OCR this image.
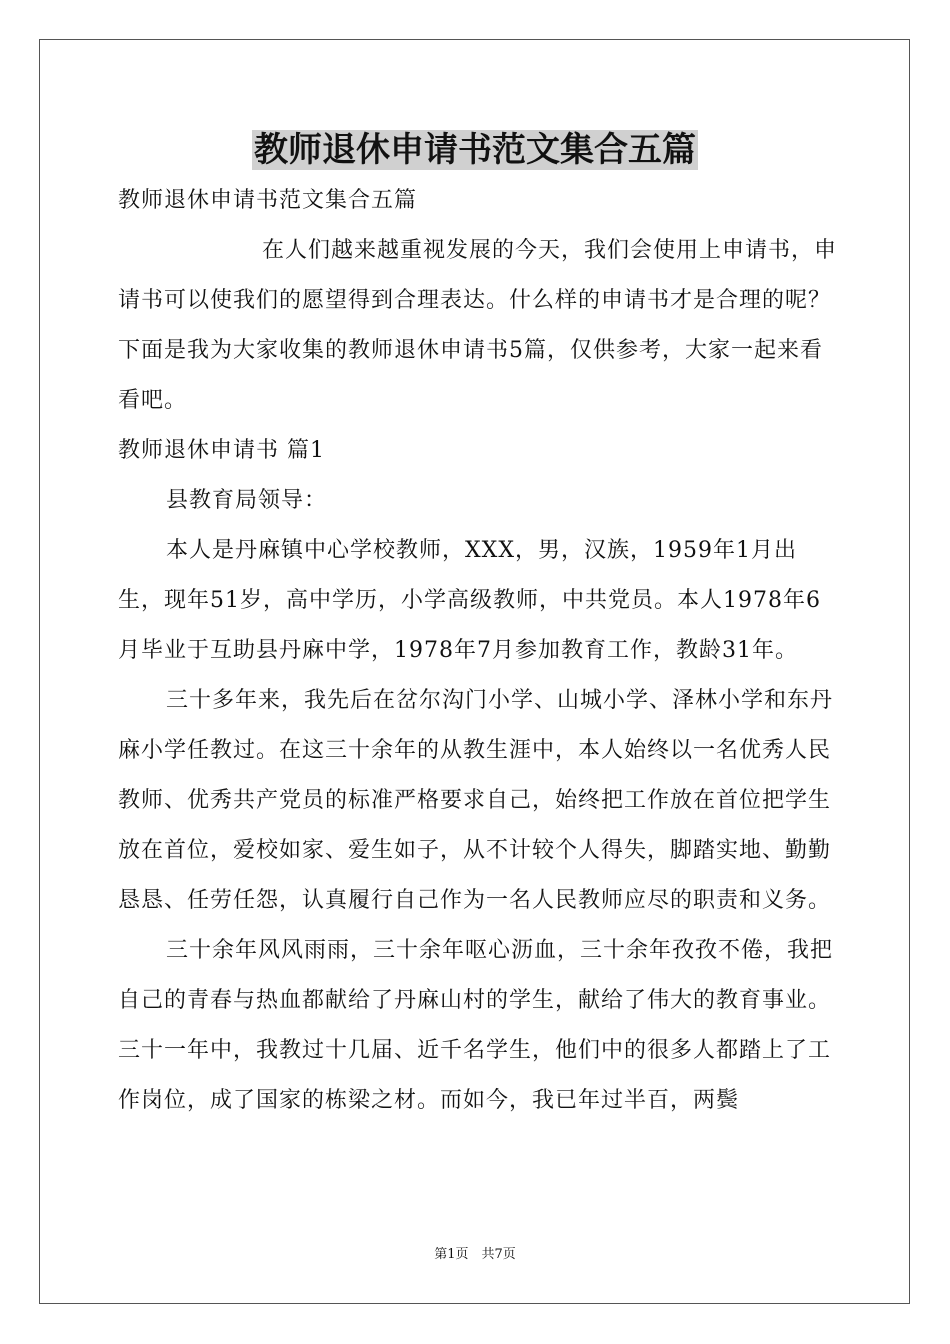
教师退休申请书范文集合五篇

教师退休申请书范文集合五篇

在人们越来越重视发展的今天，我们会使用上申请书，申请书可以使我们的愿望得到合理表达。什么样的申请书才是合理的呢？下面是我为大家收集的教师退休申请书5篇，仅供参考，大家一起来看看吧。

教师退休申请书 篇1

县教育局领导：

本人是丹麻镇中心学校教师，XXX，男，汉族，1959年1月出生，现年51岁，高中学历，小学高级教师，中共党员。本人1978年6月毕业于互助县丹麻中学，1978年7月参加教育工作，教龄31年。

三十多年来，我先后在岔尔沟门小学、山城小学、泽林小学和东丹麻小学任教过。在这三十余年的从教生涯中，本人始终以一名优秀人民教师、优秀共产党员的标准严格要求自己，始终把工作放在首位把学生放在首位，爱校如家、爱生如子，从不计较个人得失，脚踏实地、勤勤恳恳、任劳任怨，认真履行自己作为一名人民教师应尽的职责和义务。

三十余年风风雨雨，三十余年呕心沥血，三十余年孜孜不倦，我把自己的青春与热血都献给了丹麻山村的学生，献给了伟大的教育事业。三十一年中，我教过十几届、近千名学生，他们中的很多人都踏上了工作岗位，成了国家的栋梁之材。而如今，我已年过半百，两鬓

第1页　共7页
